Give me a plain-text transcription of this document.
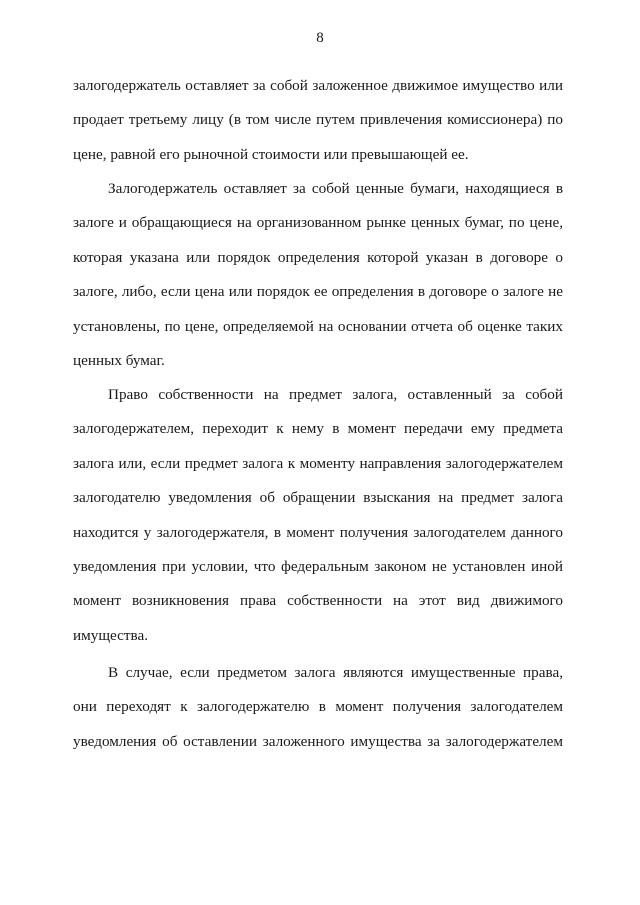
8
залогодержатель оставляет за собой заложенное движимое имущество или
продает третьему лицу (в том числе путем привлечения комиссионера) по
цене, равной его рыночной стоимости или превышающей ее.
Залогодержатель оставляет за собой ценные бумаги, находящиеся в
залоге и обращающиеся на организованном рынке ценных бумаг, по цене,
которая указана или порядок определения которой указан в договоре о
залоге, либо, если цена или порядок ее определения в договоре о залоге не
установлены, по цене, определяемой на основании отчета об оценке таких
ценных бумаг.
Право собственности на предмет залога, оставленный за собой
залогодержателем, переходит к нему в момент передачи ему предмета
залога или, если предмет залога к моменту направления залогодержателем
залогодателю уведомления об обращении взыскания на предмет залога
находится у залогодержателя, в момент получения залогодателем данного
уведомления при условии, что федеральным законом не установлен иной
момент возникновения права собственности на этот вид движимого
имущества.
В случае, если предметом залога являются имущественные права,
они переходят к залогодержателю в момент получения залогодателем
уведомления об оставлении заложенного имущества за залогодержателем
